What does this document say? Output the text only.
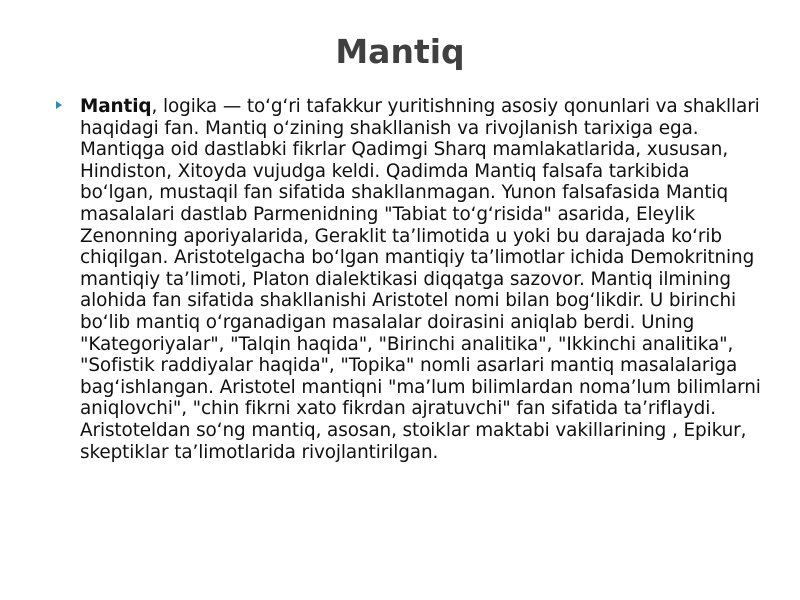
Mantiq
Mantiq, logika — to‘g‘ri tafakkur yuritishning asosiy qonunlari va shakllari haqidagi fan. Mantiq o‘zining shakllanish va rivojlanish tarixiga ega. Mantiqga oid dastlabki fikrlar Qadimgi Sharq mamlakatlarida, xususan, Hindiston, Xitoyda vujudga keldi. Qadimda Mantiq falsafa tarkibida bo‘lgan, mustaqil fan sifatida shakllanmagan. Yunon falsafasida Mantiq masalalari dastlab Parmenidning "Tabiat to‘g‘risida" asarida, Eleylik Zenonning aporiyalarida, Geraklit ta’limotida u yoki bu darajada ko‘rib chiqilgan. Aristotelgacha bo‘lgan mantiqiy ta’limotlar ichida Demokritning mantiqiy ta’limoti, Platon dialektikasi diqqatga sazovor. Mantiq ilmining alohida fan sifatida shakllanishi Aristotel nomi bilan bog‘likdir. U birinchi bo‘lib mantiq o‘rganadigan masalalar doirasini aniqlab berdi. Uning "Kategoriyalar", "Talqin haqida", "Birinchi analitika", "Ikkinchi analitika", "Sofistik raddiyalar haqida", "Topika" nomli asarlari mantiq masalalariga bag‘ishlangan. Aristotel mantiqni "ma’lum bilimlardan noma’lum bilimlarni aniqlovchi", "chin fikrni xato fikrdan ajratuvchi" fan sifatida ta’riflaydi. Aristoteldan so‘ng mantiq, asosan, stoiklar maktabi vakillarining , Epikur, skeptiklar ta’limotlarida rivojlantirilgan.
